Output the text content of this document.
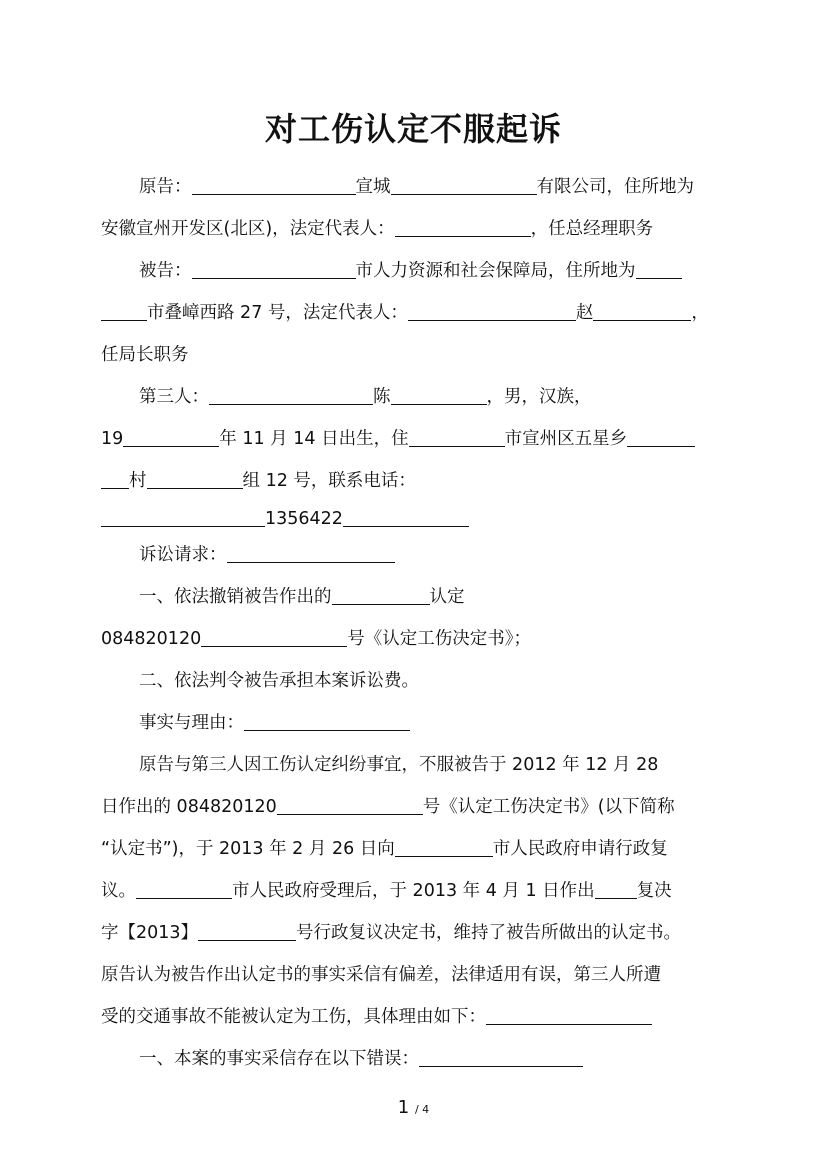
对工伤认定不服起诉
原告：	宣城	有限公司，住所地为
安徽宣州开发区(北区)，法定代表人：	，任总经理职务
被告：	市人力资源和社会保障局，住所地为
市叠嶂西路 27 号，法定代表人：	赵	，
任局长职务
第三人：	陈	，男，汉族，
19	年 11 月 14 日出生，住	市宣州区五星乡
村	组 12 号，联系电话：
1356422
诉讼请求：
一、依法撤销被告作出的	认定
084820120	号《认定工伤决定书》；
二、依法判令被告承担本案诉讼费。
事实与理由：
原告与第三人因工伤认定纠纷事宜，不服被告于 2012 年 12 月 28
日作出的 084820120	号《认定工伤决定书》(以下简称
“认定书”)，于 2013 年 2 月 26 日向	市人民政府申请行政复
议。	市人民政府受理后，于 2013 年 4 月 1 日作出 复决
字【2013】	号行政复议决定书，维持了被告所做出的认定书。
原告认为被告作出认定书的事实采信有偏差，法律适用有误，第三人所遭
受的交通事故不能被认定为工伤，具体理由如下：
一、本案的事实采信存在以下错误：
1 / 4
